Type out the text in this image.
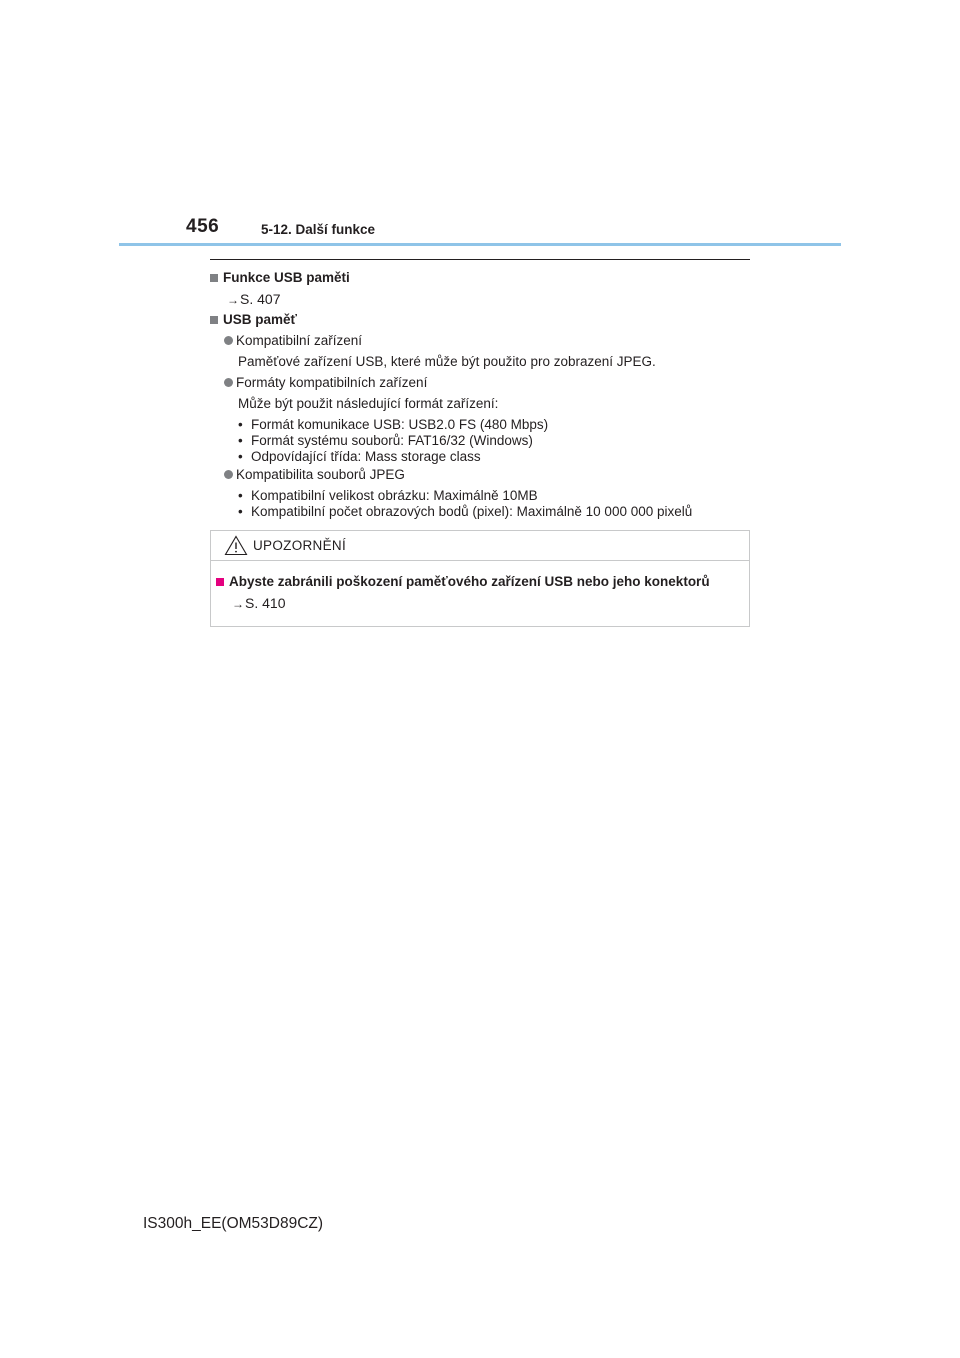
456	5-12. Další funkce
Funkce USB paměti
→S. 407
USB paměť
Kompatibilní zařízení
Paměťové zařízení USB, které může být použito pro zobrazení JPEG.
Formáty kompatibilních zařízení
Může být použit následující formát zařízení:
• Formát komunikace USB: USB2.0 FS (480 Mbps)
• Formát systému souborů: FAT16/32 (Windows)
• Odpovídající třída: Mass storage class
Kompatibilita souborů JPEG
• Kompatibilní velikost obrázku: Maximálně 10MB
• Kompatibilní počet obrazových bodů (pixel): Maximálně 10 000 000 pixelů
UPOZORNĚNÍ
Abyste zabránili poškození paměťového zařízení USB nebo jeho konektorů
→S. 410
IS300h_EE(OM53D89CZ)
